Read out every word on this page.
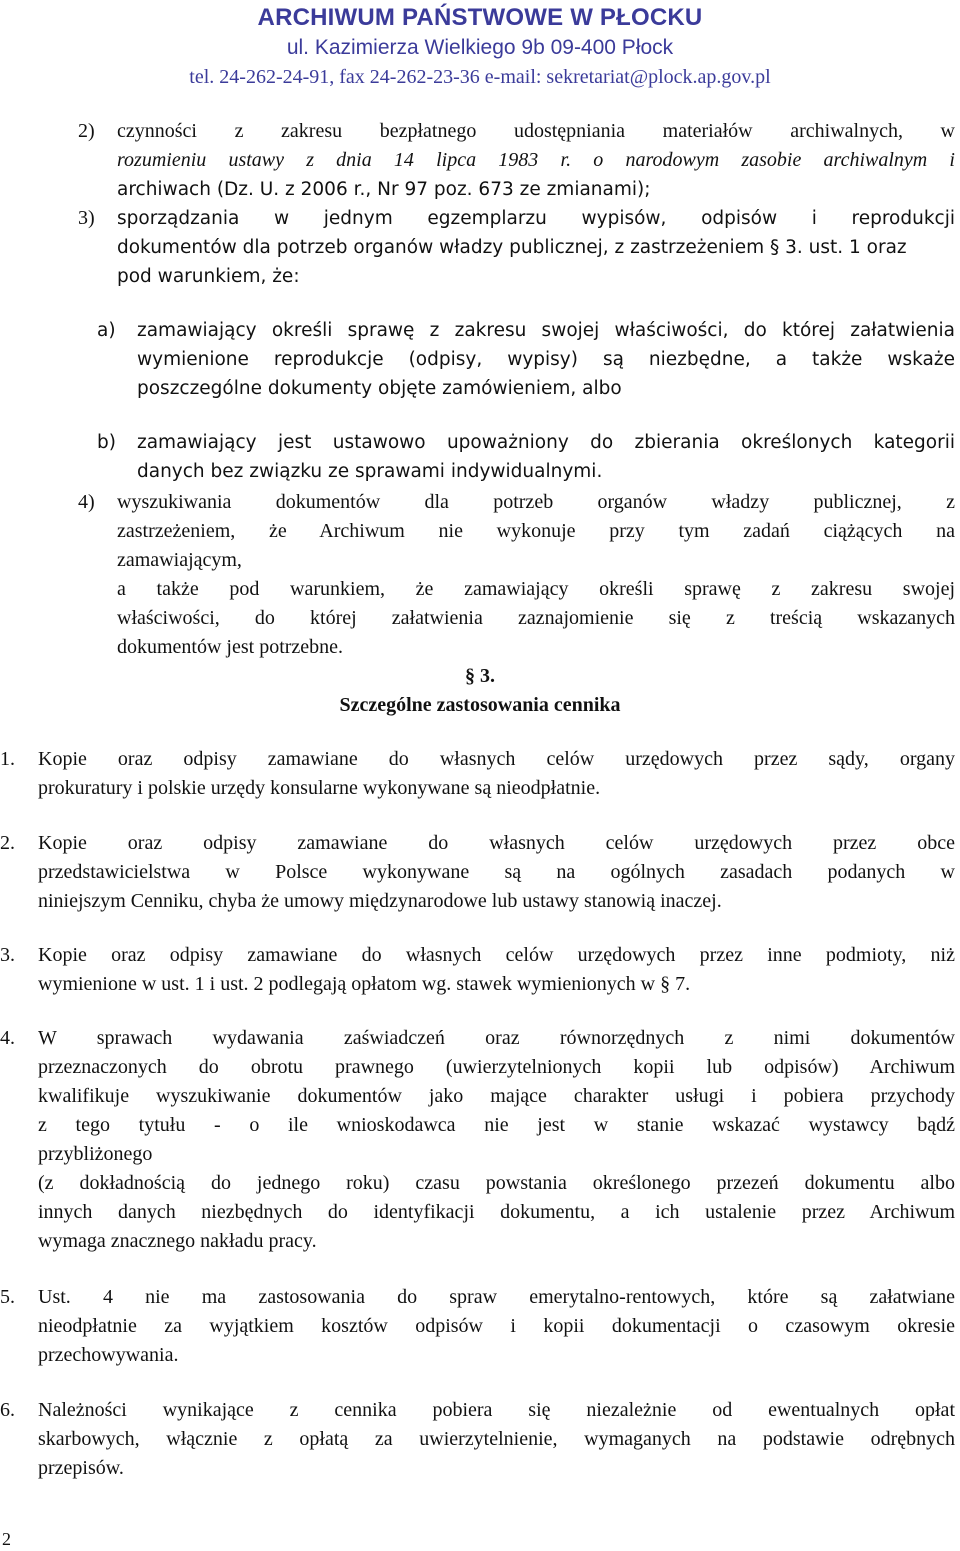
ARCHIWUM PAŃSTWOWE W PŁOCKU
ul. Kazimierza Wielkiego 9b 09-400 Płock
tel. 24-262-24-91, fax 24-262-23-36 e-mail: sekretariat@plock.ap.gov.pl
2) czynności z zakresu bezpłatnego udostępniania materiałów archiwalnych, w
rozumieniu ustawy z dnia 14 lipca 1983 r. o narodowym zasobie archiwalnym i
archiwach (Dz. U. z 2006 r., Nr 97 poz. 673 ze zmianami);
3) sporządzania w jednym egzemplarzu wypisów, odpisów i reprodukcji
dokumentów dla potrzeb organów władzy publicznej, z zastrzeżeniem § 3. ust. 1 oraz
pod warunkiem, że:
a) zamawiający określi sprawę z zakresu swojej właściwości, do której załatwienia
wymienione reprodukcje (odpisy, wypisy) są niezbędne, a także wskaże
poszczególne dokumenty objęte zamówieniem, albo
b) zamawiający jest ustawowo upoważniony do zbierania określonych kategorii
danych bez związku ze sprawami indywidualnymi.
4) wyszukiwania dokumentów dla potrzeb organów władzy publicznej, z
zastrzeżeniem, że Archiwum nie wykonuje przy tym zadań ciążących na
zamawiającym,
a także pod warunkiem, że zamawiający określi sprawę z zakresu swojej
właściwości, do której załatwienia zaznajomienie się z treścią wskazanych
dokumentów jest potrzebne.
§ 3.
Szczególne zastosowania cennika
1. Kopie oraz odpisy zamawiane do własnych celów urzędowych przez sądy, organy
prokuratury i polskie urzędy konsularne wykonywane są nieodpłatnie.
2. Kopie oraz odpisy zamawiane do własnych celów urzędowych przez obce
przedstawicielstwa w Polsce wykonywane są na ogólnych zasadach podanych w
niniejszym Cenniku, chyba że umowy międzynarodowe lub ustawy stanowią inaczej.
3. Kopie oraz odpisy zamawiane do własnych celów urzędowych przez inne podmioty, niż
wymienione w ust. 1 i ust. 2 podlegają opłatom wg. stawek wymienionych w § 7.
4. W sprawach wydawania zaświadczeń oraz równorzędnych z nimi dokumentów
przeznaczonych do obrotu prawnego (uwierzytelnionych kopii lub odpisów) Archiwum
kwalifikuje wyszukiwanie dokumentów jako mające charakter usługi i pobiera przychody
z tego tytułu - o ile wnioskodawca nie jest w stanie wskazać wystawcy bądź
przybliżonego
(z dokładnością do jednego roku) czasu powstania określonego przezeń dokumentu albo
innych danych niezbędnych do identyfikacji dokumentu, a ich ustalenie przez Archiwum
wymaga znacznego nakładu pracy.
5. Ust. 4 nie ma zastosowania do spraw emerytalno-rentowych, które są załatwiane
nieodpłatnie za wyjątkiem kosztów odpisów i kopii dokumentacji o czasowym okresie
przechowywania.
6. Należności wynikające z cennika pobiera się niezależnie od ewentualnych opłat
skarbowych, włącznie z opłatą za uwierzytelnienie, wymaganych na podstawie odrębnych
przepisów.
2
